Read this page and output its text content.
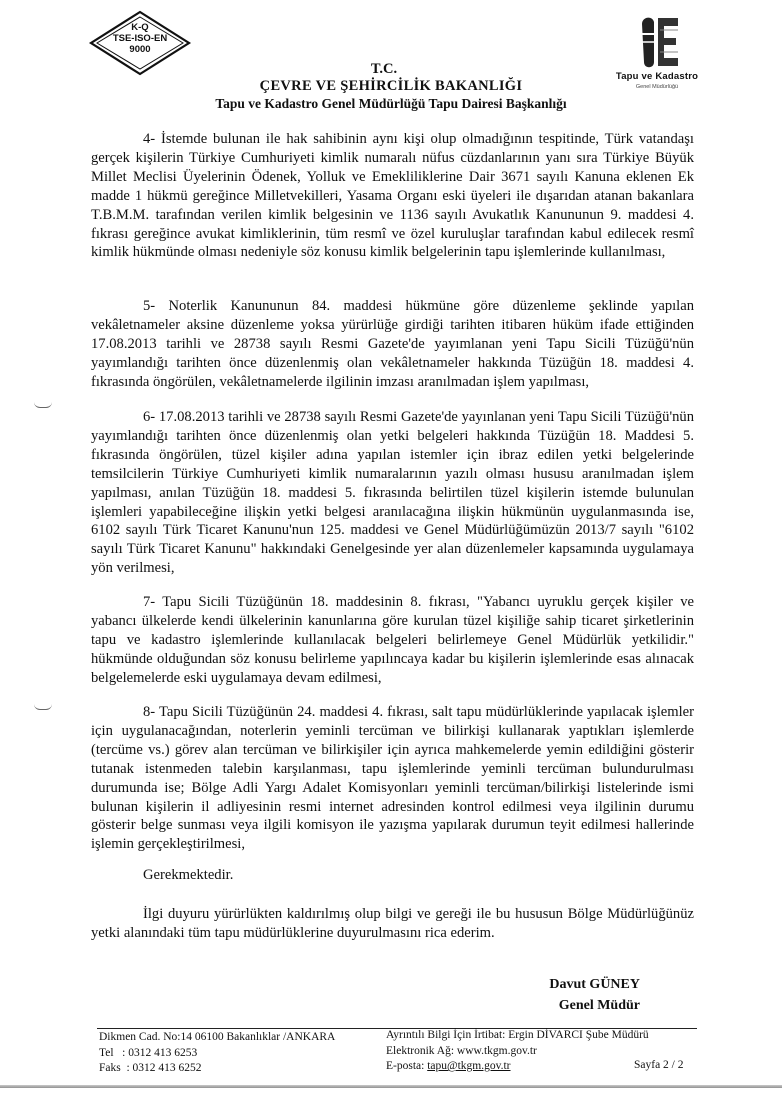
K-Q
TSE-ISO-EN
9000
Tapu ve Kadastro
Genel Müdürlüğü
T.C.
ÇEVRE VE ŞEHİRCİLİK BAKANLIĞI
Tapu ve Kadastro Genel Müdürlüğü Tapu Dairesi Başkanlığı

4- İstemde bulunan ile hak sahibinin aynı kişi olup olmadığının tespitinde, Türk vatandaşı gerçek kişilerin Türkiye Cumhuriyeti kimlik numaralı nüfus cüzdanlarının yanı sıra Türkiye Büyük Millet Meclisi Üyelerinin Ödenek, Yolluk ve Emekliliklerine Dair 3671 sayılı Kanuna eklenen Ek madde 1 hükmü gereğince Milletvekilleri, Yasama Organı eski üyeleri ile dışarıdan atanan bakanlara T.B.M.M. tarafından verilen kimlik belgesinin ve 1136 sayılı Avukatlık Kanununun 9. maddesi 4. fıkrası gereğince avukat kimliklerinin, tüm resmî ve özel kuruluşlar tarafından kabul edilecek resmî kimlik hükmünde olması nedeniyle söz konusu kimlik belgelerinin tapu işlemlerinde kullanılması,

5- Noterlik Kanununun 84. maddesi hükmüne göre düzenleme şeklinde yapılan vekâletnameler aksine düzenleme yoksa yürürlüğe girdiği tarihten itibaren hüküm ifade ettiğinden 17.08.2013 tarihli ve 28738 sayılı Resmi Gazete'de yayımlanan yeni Tapu Sicili Tüzüğü'nün yayımlandığı tarihten önce düzenlenmiş olan vekâletnameler hakkında Tüzüğün 18. maddesi 4. fıkrasında öngörülen, vekâletnamelerde ilgilinin imzası aranılmadan işlem yapılması,

6- 17.08.2013 tarihli ve 28738 sayılı Resmi Gazete'de yayınlanan yeni Tapu Sicili Tüzüğü'nün yayımlandığı tarihten önce düzenlenmiş olan yetki belgeleri hakkında Tüzüğün 18. Maddesi 5. fıkrasında öngörülen, tüzel kişiler adına yapılan istemler için ibraz edilen yetki belgelerinde temsilcilerin Türkiye Cumhuriyeti kimlik numaralarının yazılı olması hususu aranılmadan işlem yapılması, anılan Tüzüğün 18. maddesi 5. fıkrasında belirtilen tüzel kişilerin istemde bulunulan işlemleri yapabileceğine ilişkin yetki belgesi aranılacağına ilişkin hükmünün uygulanmasında ise, 6102 sayılı Türk Ticaret Kanunu'nun 125. maddesi ve Genel Müdürlüğümüzün 2013/7 sayılı "6102 sayılı Türk Ticaret Kanunu" hakkındaki Genelgesinde yer alan düzenlemeler kapsamında uygulamaya yön verilmesi,

7- Tapu Sicili Tüzüğünün 18. maddesinin 8. fıkrası, "Yabancı uyruklu gerçek kişiler ve yabancı ülkelerde kendi ülkelerinin kanunlarına göre kurulan tüzel kişiliğe sahip ticaret şirketlerinin tapu ve kadastro işlemlerinde kullanılacak belgeleri belirlemeye Genel Müdürlük yetkilidir." hükmünde olduğundan söz konusu belirleme yapılıncaya kadar bu kişilerin işlemlerinde esas alınacak belgelemelerde eski uygulamaya devam edilmesi,

8- Tapu Sicili Tüzüğünün 24. maddesi 4. fıkrası, salt tapu müdürlüklerinde yapılacak işlemler için uygulanacağından, noterlerin yeminli tercüman ve bilirkişi kullanarak yaptıkları işlemlerde (tercüme vs.) görev alan tercüman ve bilirkişiler için ayrıca mahkemelerde yemin edildiğini gösterir tutanak istenmeden talebin karşılanması, tapu işlemlerinde yeminli tercüman bulundurulması durumunda ise; Bölge Adli Yargı Adalet Komisyonları yeminli tercüman/bilirkişi listelerinde ismi bulunan kişilerin il adliyesinin resmi internet adresinden kontrol edilmesi veya ilgilinin durumu gösterir belge sunması veya ilgili komisyon ile yazışma yapılarak durumun teyit edilmesi hallerinde işlemin gerçekleştirilmesi,

Gerekmektedir.

İlgi duyuru yürürlükten kaldırılmış olup bilgi ve gereği ile bu hususun Bölge Müdürlüğünüz yetki alanındaki tüm tapu müdürlüklerine duyurulmasını rica ederim.

Davut GÜNEY
Genel Müdür
Dikmen Cad. No:14 06100 Bakanlıklar /ANKARA
Tel   : 0312 413 6253
Faks  : 0312 413 6252
Ayrıntılı Bilgi İçin İrtibat: Ergin DİVARCI Şube Müdürü
Elektronik Ağ: www.tkgm.gov.tr
E-posta: tapu@tkgm.gov.tr	Sayfa 2 / 2
